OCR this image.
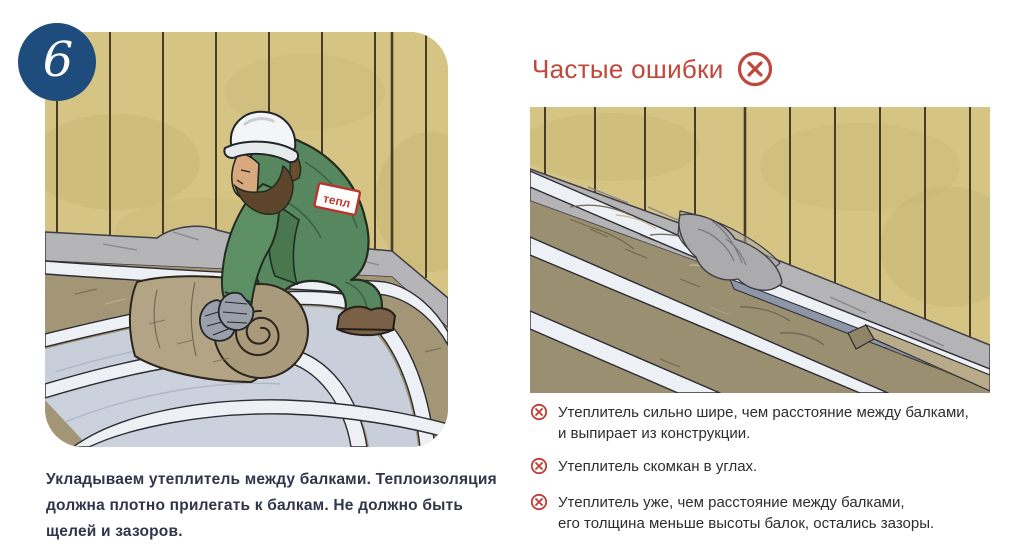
6
тепл
Укладываем утеплитель между балками. Теплоизоляция
должна плотно прилегать к балкам. Не должно быть
щелей и зазоров.
Частые ошибки
Утеплитель сильно шире, чем расстояние между балками,
и выпирает из конструкции.
Утеплитель скомкан в углах.
Утеплитель уже, чем расстояние между балками,
его толщина меньше высоты балок, остались зазоры.
